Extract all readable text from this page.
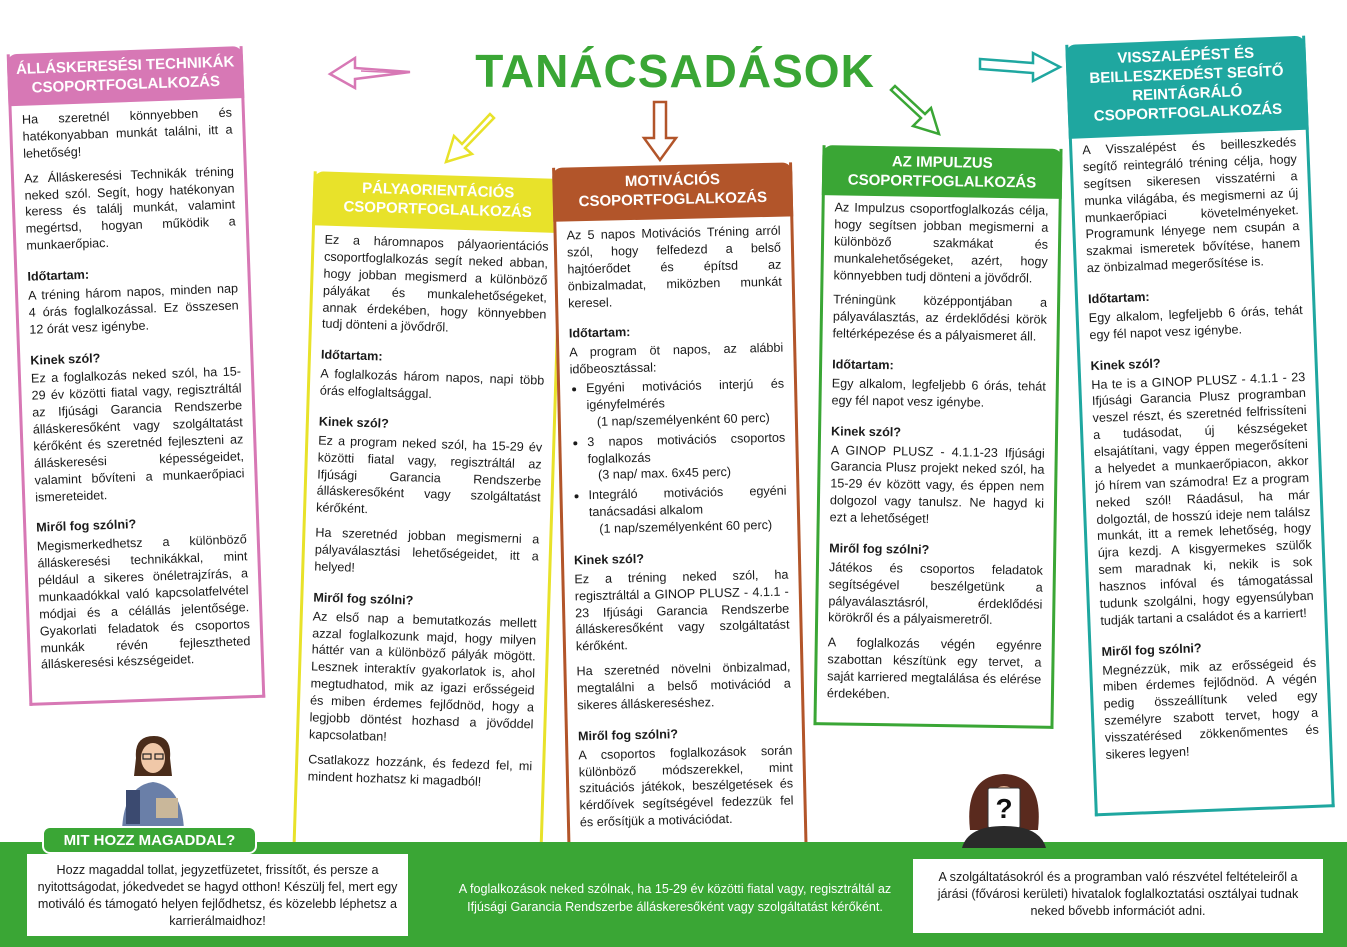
TANÁCSADÁSOK
ÁLLÁSKERESÉSI TECHNIKÁK CSOPORTFOGLALKOZÁS

Ha szeretnél könnyebben és hatékonyabban munkát találni, itt a lehetőség!

Az Álláskeresési Technikák tréning neked szól. Segít, hogy hatékonyan keress és találj munkát, valamint megértsd, hogyan működik a munkaerőpiac.

Időtartam:

A tréning három napos, minden nap 4 órás foglalkozással. Ez összesen 12 órát vesz igénybe.

Kinek szól?

Ez a foglalkozás neked szól, ha 15-29 év közötti fiatal vagy, regisztráltál az Ifjúsági Garancia Rendszerbe álláskeresőként vagy szolgáltatást kérőként és szeretnéd fejleszteni az álláskeresési képességeidet, valamint bővíteni a munkaerőpiaci ismereteidet.

Miről fog szólni?

Megismerkedhetsz a különböző álláskeresési technikákkal, mint például a sikeres önéletrajzírás, a munkaadókkal való kapcsolatfelvétel módjai és a célállás jelentősége. Gyakorlati feladatok és csoportos munkák révén fejlesztheted álláskeresési készségeidet.

PÁLYAORIENTÁCIÓS CSOPORTFOGLALKOZÁS

Ez a háromnapos pályaorientációs csoportfoglalkozás segít neked abban, hogy jobban megismerd a különböző pályákat és munkalehetőségeket, annak érdekében, hogy könnyebben tudj dönteni a jövődről.

Időtartam:

A foglalkozás három napos, napi több órás elfoglaltsággal.

Kinek szól?

Ez a program neked szól, ha 15-29 év közötti fiatal vagy, regisztráltál az Ifjúsági Garancia Rendszerbe álláskeresőként vagy szolgáltatást kérőként.

Ha szeretnéd jobban megismerni a pályaválasztási lehetőségeidet, itt a helyed!

Miről fog szólni?

Az első nap a bemutatkozás mellett azzal foglalkozunk majd, hogy milyen háttér van a különböző pályák mögött. Lesznek interaktív gyakorlatok is, ahol megtudhatod, mik az igazi erősségeid és miben érdemes fejlődnöd, hogy a legjobb döntést hozhasd a jövőddel kapcsolatban!

Csatlakozz hozzánk, és fedezd fel, mi mindent hozhatsz ki magadból!

MOTIVÁCIÓS CSOPORTFOGLALKOZÁS

Az 5 napos Motivációs Tréning arról szól, hogy felfedezd a belső hajtóerődet és építsd az önbizalmadat, miközben munkát keresel.

Időtartam:

A program öt napos, az alábbi időbeosztással:

• Egyéni motivációs interjú és igényfelmérés
(1 nap/személyenként 60 perc)
• 3 napos motivációs csoportos foglalkozás
(3 nap/ max. 6x45 perc)
• Integráló motivációs egyéni tanácsadási alkalom
(1 nap/személyenként 60 perc)
Kinek szól?

Ez a tréning neked szól, ha regisztráltál a GINOP PLUSZ - 4.1.1 - 23 Ifjúsági Garancia Rendszerbe álláskeresőként vagy szolgáltatást kérőként.

Ha szeretnéd növelni önbizalmad, megtalálni a belső motivációd a sikeres álláskereséshez.

Miről fog szólni?

A csoportos foglalkozások során különböző módszerekkel, mint szituációs játékok, beszélgetések és kérdőívek segítségével fedezzük fel és erősítjük a motivációdat.

AZ IMPULZUS CSOPORTFOGLALKOZÁS

Az Impulzus csoportfoglalkozás célja, hogy segítsen jobban megismerni a különböző szakmákat és munkalehetőségeket, azért, hogy könnyebben tudj dönteni a jövődről.

Tréningünk középpontjában a pályaválasztás, az érdeklődési körök feltérképezése és a pályaismeret áll.

Időtartam:

Egy alkalom, legfeljebb 6 órás, tehát egy fél napot vesz igénybe.

Kinek szól?

A GINOP PLUSZ - 4.1.1-23 Ifjúsági Garancia Plusz projekt neked szól, ha 15-29 év között vagy, és éppen nem dolgozol vagy tanulsz. Ne hagyd ki ezt a lehetőséget!

Miről fog szólni?

Játékos és csoportos feladatok segítségével beszélgetünk a pályaválasztásról, érdeklődési körökről és a pályaismeretről.

A foglalkozás végén egyénre szabottan készítünk egy tervet, a saját karriered megtalálása és elérése érdekében.

VISSZALÉPÉST ÉS BEILLESZKEDÉST SEGÍTŐ REINTÁGRÁLÓ CSOPORTFOGLALKOZÁS

A Visszalépést és beilleszkedés segítő reintegráló tréning célja, hogy segítsen sikeresen visszatérni a munka világába, és megismerni az új munkaerőpiaci követelményeket. Programunk lényege nem csupán a szakmai ismeretek bővítése, hanem az önbizalmad megerősítése is.

Időtartam:

Egy alkalom, legfeljebb 6 órás, tehát egy fél napot vesz igénybe.

Kinek szól?

Ha te is a GINOP PLUSZ - 4.1.1 - 23 Ifjúsági Garancia Plusz programban veszel részt, és szeretnéd felfrissíteni a tudásodat, új készségeket elsajátítani, vagy éppen megerősíteni a helyedet a munkaerőpiacon, akkor jó hírem van számodra! Ez a program neked szól! Ráadásul, ha már dolgoztál, de hosszú ideje nem találsz munkát, itt a remek lehetőség, hogy újra kezdj. A kisgyermekes szülők sem maradnak ki, nekik is sok hasznos infóval és támogatással tudunk szolgálni, hogy egyensúlyban tudják tartani a családot és a karriert!

Miről fog szólni?

Megnézzük, mik az erősségeid és miben érdemes fejlődnöd. A végén pedig összeállítunk veled egy személyre szabott tervet, hogy a visszatérésed zökkenőmentes és sikeres legyen!

?
Hozz magaddal tollat, jegyzetfüzetet, frissítőt, és persze a nyitottságodat, jókedvedet se hagyd otthon! Készülj fel, mert egy motiváló és támogató helyen fejlődhetsz, és közelebb léphetsz a karrierálmaidhoz!
MIT HOZZ MAGADDAL?
A foglalkozások neked szólnak, ha 15-29 év közötti fiatal vagy, regisztráltál az Ifjúsági Garancia Rendszerbe álláskeresőként vagy szolgáltatást kérőként.
A szolgáltatásokról és a programban való részvétel feltételeiről a járási (fővárosi kerületi) hivatalok foglalkoztatási osztályai tudnak neked bővebb információt adni.
